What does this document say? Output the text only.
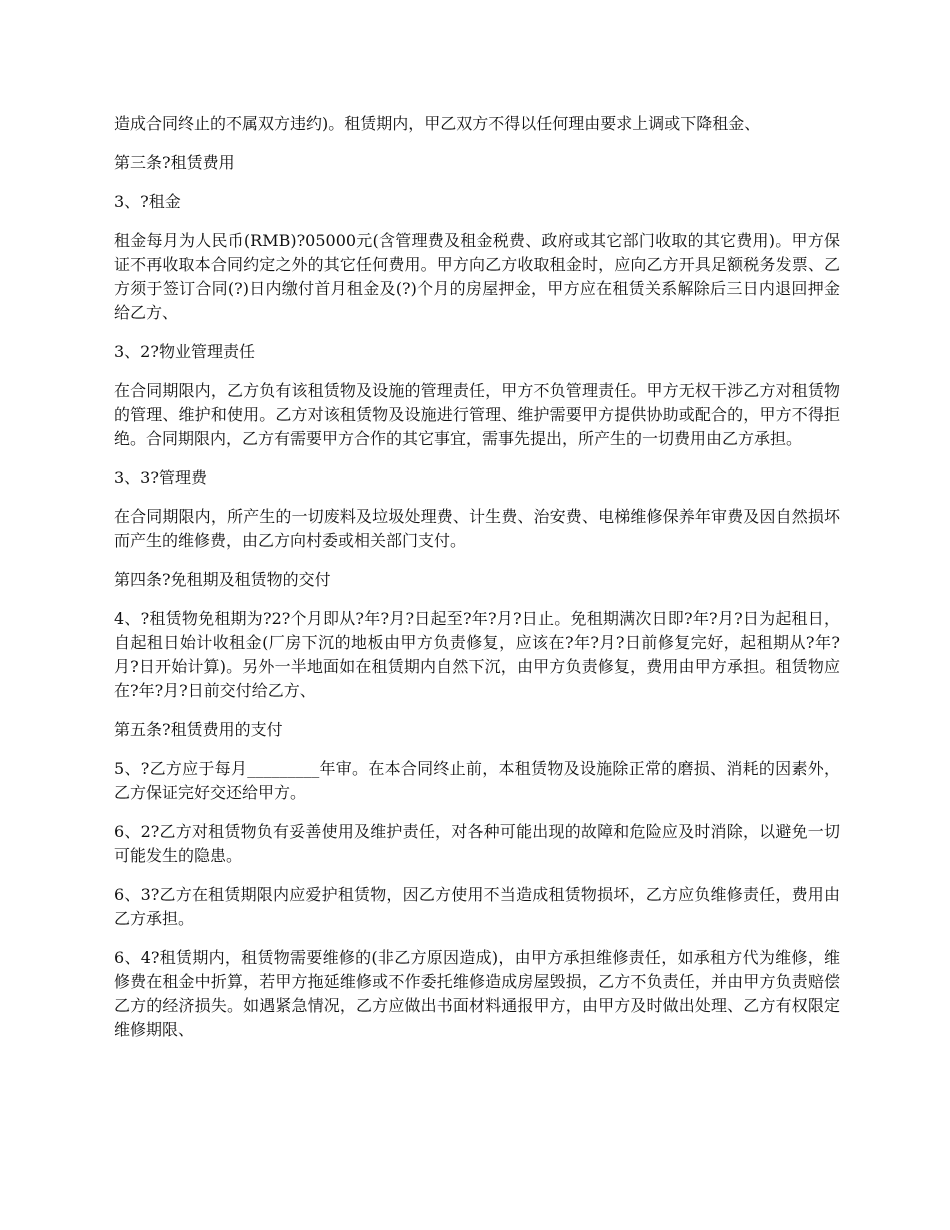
造成合同终止的不属双方违约)。租赁期内，甲乙双方不得以任何理由要求上调或下降租金、

第三条?租赁费用

3、?租金

租金每月为人民币(RMB)?05000元(含管理费及租金税费、政府或其它部门收取的其它费用)。甲方保证不再收取本合同约定之外的其它任何费用。甲方向乙方收取租金时，应向乙方开具足额税务发票、乙方须于签订合同(?)日内缴付首月租金及(?)个月的房屋押金，甲方应在租赁关系解除后三日内退回押金给乙方、

3、2?物业管理责任

在合同期限内，乙方负有该租赁物及设施的管理责任，甲方不负管理责任。甲方无权干涉乙方对租赁物的管理、维护和使用。乙方对该租赁物及设施进行管理、维护需要甲方提供协助或配合的，甲方不得拒绝。合同期限内，乙方有需要甲方合作的其它事宜，需事先提出，所产生的一切费用由乙方承担。

3、3?管理费

在合同期限内，所产生的一切废料及垃圾处理费、计生费、治安费、电梯维修保养年审费及因自然损坏而产生的维修费，由乙方向村委或相关部门支付。

第四条?免租期及租赁物的交付

4、?租赁物免租期为?2?个月即从?年?月?日起至?年?月?日止。免租期满次日即?年?月?日为起租日，自起租日始计收租金(厂房下沉的地板由甲方负责修复，应该在?年?月?日前修复完好，起租期从?年?月?日开始计算)。另外一半地面如在租赁期内自然下沉，由甲方负责修复，费用由甲方承担。租赁物应在?年?月?日前交付给乙方、

第五条?租赁费用的支付

5、?乙方应于每月_________年审。在本合同终止前，本租赁物及设施除正常的磨损、消耗的因素外，乙方保证完好交还给甲方。

6、2?乙方对租赁物负有妥善使用及维护责任，对各种可能出现的故障和危险应及时消除，以避免一切可能发生的隐患。

6、3?乙方在租赁期限内应爱护租赁物，因乙方使用不当造成租赁物损坏，乙方应负维修责任，费用由乙方承担。

6、4?租赁期内，租赁物需要维修的(非乙方原因造成)，由甲方承担维修责任，如承租方代为维修，维修费在租金中折算，若甲方拖延维修或不作委托维修造成房屋毁损，乙方不负责任，并由甲方负责赔偿乙方的经济损失。如遇紧急情况，乙方应做出书面材料通报甲方，由甲方及时做出处理、乙方有权限定维修期限、
